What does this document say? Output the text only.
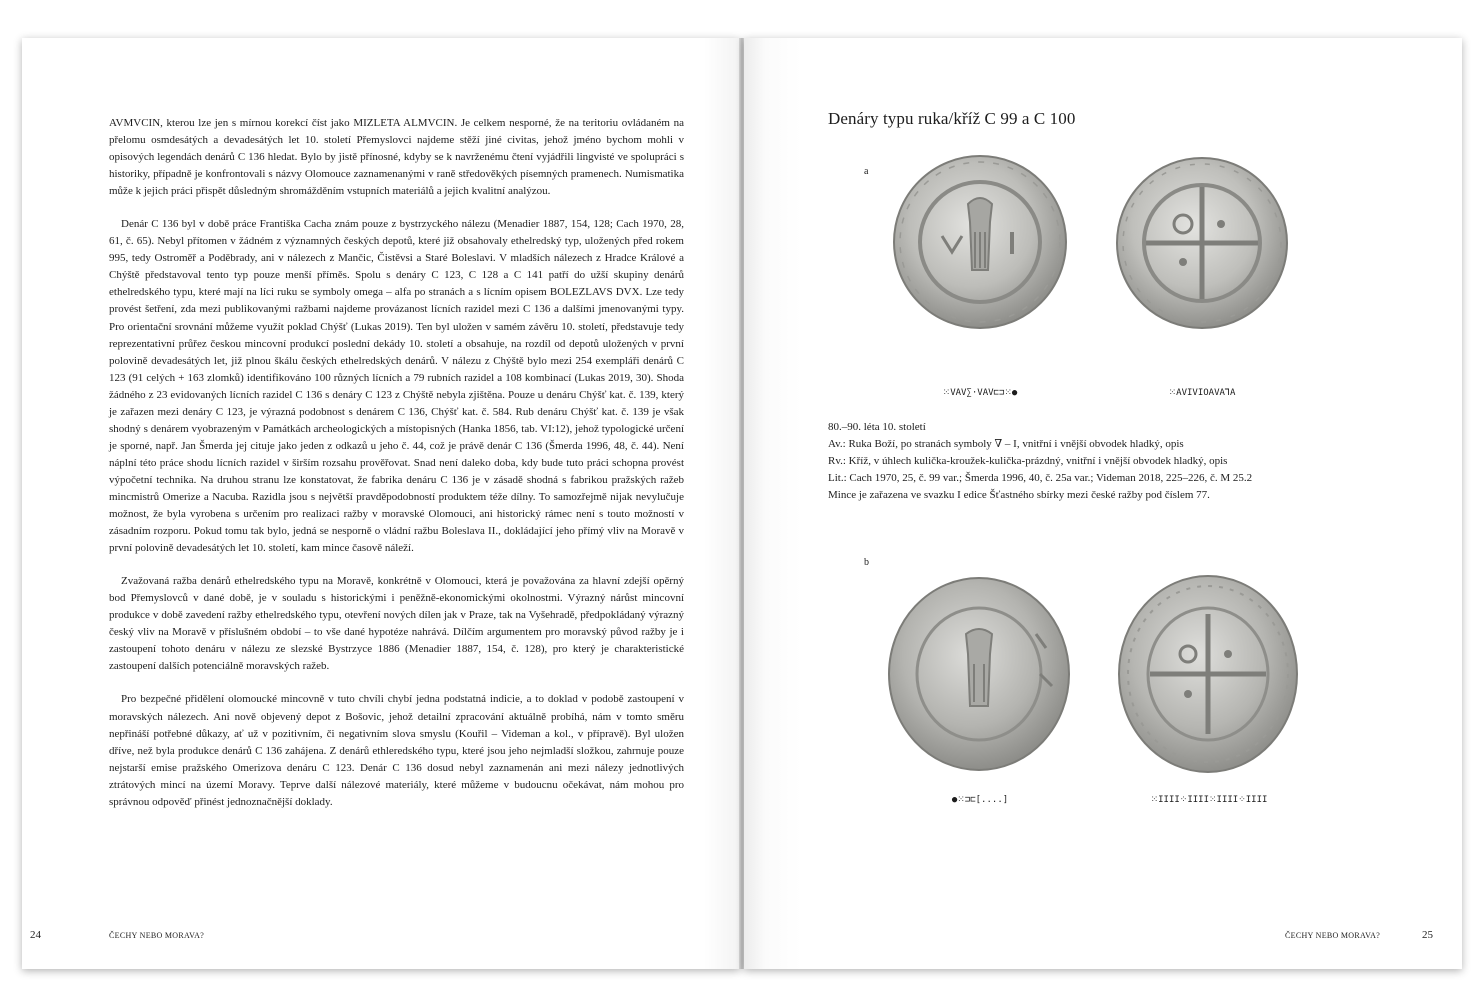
AVMVCIN, kterou lze jen s mírnou korekcí číst jako MIZLETA ALMVCIN. Je celkem nesporné, že na teritoriu ovládaném na přelomu osmdesátých a devadesátých let 10. století Přemyslovci najdeme stěží jiné civitas, jehož jméno bychom mohli v opisových legendách denárů C 136 hledat. Bylo by jistě přínosné, kdyby se k navrženému čtení vyjádřili lingvisté ve spolupráci s historiky, případně je konfrontovali s názvy Olomouce zaznamenanými v raně středověkých písemných pramenech. Numismatika může k jejich práci přispět důsledným shromážděním vstupních materiálů a jejich kvalitní analýzou.

Denár C 136 byl v době práce Františka Cacha znám pouze z bystrzyckého nálezu (Menadier 1887, 154, 128; Cach 1970, 28, 61, č. 65). Nebyl přítomen v žádném z významných českých depotů, které již obsahovaly ethelredský typ, uložených před rokem 995, tedy Ostroměř a Poděbrady, ani v nálezech z Mančic, Čistěvsi a Staré Boleslavi. V mladších nálezech z Hradce Králové a Chýště představoval tento typ pouze menší příměs. Spolu s denáry C 123, C 128 a C 141 patří do užší skupiny denárů ethelredského typu, které mají na líci ruku se symboly omega – alfa po stranách a s lícním opisem BOLEZLAVS DVX. Lze tedy provést šetření, zda mezi publikovanými ražbami najdeme provázanost lícních razidel mezi C 136 a dalšími jmenovanými typy. Pro orientační srovnání můžeme využít poklad Chýšť (Lukas 2019). Ten byl uložen v samém závěru 10. století, představuje tedy reprezentativní průřez českou mincovní produkcí poslední dekády 10. století a obsahuje, na rozdíl od depotů uložených v první polovině devadesátých let, již plnou škálu českých ethelredských denárů. V nálezu z Chýště bylo mezi 254 exempláři denárů C 123 (91 celých + 163 zlomků) identifikováno 100 různých lícních a 79 rubních razidel a 108 kombinací (Lukas 2019, 30). Shoda žádného z 23 evidovaných lícních razidel C 136 s denáry C 123 z Chýště nebyla zjištěna. Pouze u denáru Chýšť kat. č. 139, který je zařazen mezi denáry C 123, je výrazná podobnost s denárem C 136, Chýšť kat. č. 584. Rub denáru Chýšť kat. č. 139 je však shodný s denárem vyobrazeným v Památkách archeologických a místopisných (Hanka 1856, tab. VI:12), jehož typologické určení je sporné, např. Jan Šmerda jej cituje jako jeden z odkazů u jeho č. 44, což je právě denár C 136 (Šmerda 1996, 48, č. 44). Není náplní této práce shodu lícních razidel v širším rozsahu prověřovat. Snad není daleko doba, kdy bude tuto práci schopna provést výpočetní technika. Na druhou stranu lze konstatovat, že fabrika denáru C 136 je v zásadě shodná s fabrikou pražských ražeb mincmistrů Omerize a Nacuba. Razidla jsou s největší pravděpodobností produktem téže dílny. To samozřejmě nijak nevylučuje možnost, že byla vyrobena s určením pro realizaci ražby v moravské Olomouci, ani historický rámec není s touto možností v zásadním rozporu. Pokud tomu tak bylo, jedná se nesporně o vládní ražbu Boleslava II., dokládající jeho přímý vliv na Moravě v první polovině devadesátých let 10. století, kam mince časově náleží.

Zvažovaná ražba denárů ethelredského typu na Moravě, konkrétně v Olomouci, která je považována za hlavní zdejší opěrný bod Přemyslovců v dané době, je v souladu s historickými i peněžně-ekonomickými okolnostmi. Výrazný nárůst mincovní produkce v době zavedení ražby ethelredského typu, otevření nových dílen jak v Praze, tak na Vyšehradě, předpokládaný výrazný český vliv na Moravě v příslušném období – to vše dané hypotéze nahrává. Dílčím argumentem pro moravský původ ražby je i zastoupení tohoto denáru v nálezu ze slezské Bystrzyce 1886 (Menadier 1887, 154, č. 128), pro který je charakteristické zastoupení dalších potenciálně moravských ražeb.

Pro bezpečné přidělení olomoucké mincovně v tuto chvíli chybí jedna podstatná indicie, a to doklad v podobě zastoupení v moravských nálezech. Ani nově objevený depot z Bošovic, jehož detailní zpracování aktuálně probíhá, nám v tomto směru nepřináší potřebné důkazy, ať už v pozitivním, či negativním slova smyslu (Kouřil – Videman a kol., v přípravě). Byl uložen dříve, než byla produkce denárů C 136 zahájena. Z denárů ethleredského typu, které jsou jeho nejmladší složkou, zahrnuje pouze nejstarší emise pražského Omerizova denáru C 123. Denár C 136 dosud nebyl zaznamenán ani mezi nálezy jednotlivých ztrátových mincí na území Moravy. Teprve další nálezové materiály, které můžeme v budoucnu očekávat, nám mohou pro správnou odpověď přinést jednoznačnější doklady.

24	ČECHY NEBO MORAVA?
Denáry typu ruka/kříž C 99 a C 100
a
⁙VAV∑·VAV⊏⊐⁙●	⁙AVIVIOAVA⅂A
80.–90. léta 10. století
Av.: Ruka Boží, po stranách symboly ∇ – I, vnitřní i vnější obvodek hladký, opis
Rv.: Kříž, v úhlech kulička-kroužek-kulička-prázdný, vnitřní i vnější obvodek hladký, opis
Lit.: Cach 1970, 25, č. 99 var.; Šmerda 1996, 40, č. 25a var.; Videman 2018, 225–226, č. M 25.2
Mince je zařazena ve svazku I edice Šťastného sbírky mezi české ražby pod číslem 77.
b
●⁙⊐⊏[....]	⁙IIII⁘IIII⁙IIII⁘IIII
ČECHY NEBO MORAVA?	25
